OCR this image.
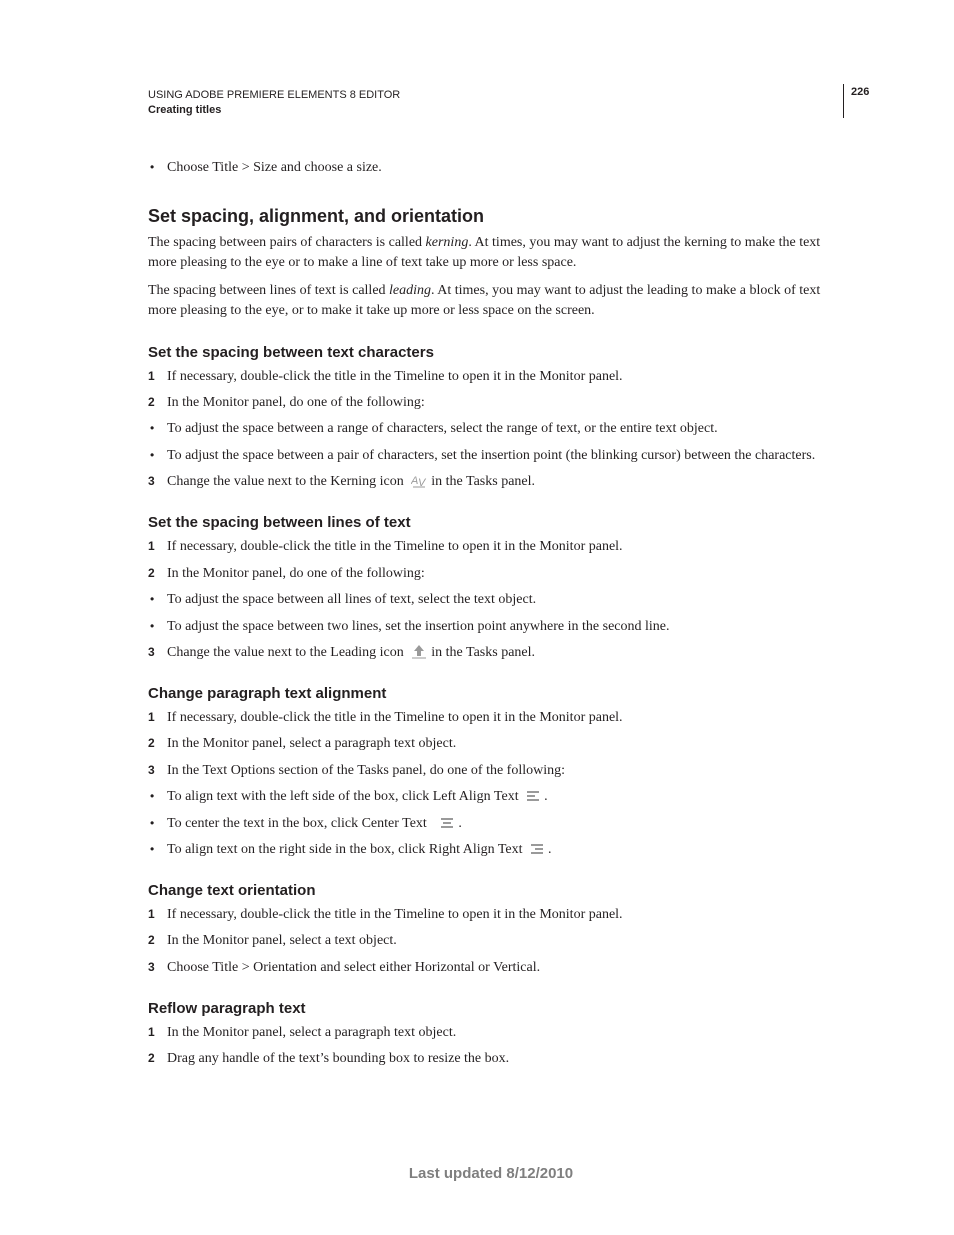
USING ADOBE PREMIERE ELEMENTS 8 EDITOR
Creating titles
226
• Choose Title > Size and choose a size.
Set spacing, alignment, and orientation
The spacing between pairs of characters is called kerning. At times, you may want to adjust the kerning to make the text more pleasing to the eye or to make a line of text take up more or less space.
The spacing between lines of text is called leading. At times, you may want to adjust the leading to make a block of text more pleasing to the eye, or to make it take up more or less space on the screen.
Set the spacing between text characters
1 If necessary, double-click the title in the Timeline to open it in the Monitor panel.
2 In the Monitor panel, do one of the following:
• To adjust the space between a range of characters, select the range of text, or the entire text object.
• To adjust the space between a pair of characters, set the insertion point (the blinking cursor) between the characters.
3 Change the value next to the Kerning icon A V in the Tasks panel.
Set the spacing between lines of text
1 If necessary, double-click the title in the Timeline to open it in the Monitor panel.
2 In the Monitor panel, do one of the following:
• To adjust the space between all lines of text, select the text object.
• To adjust the space between two lines, set the insertion point anywhere in the second line.
3 Change the value next to the Leading icon in the Tasks panel.
Change paragraph text alignment
1 If necessary, double-click the title in the Timeline to open it in the Monitor panel.
2 In the Monitor panel, select a paragraph text object.
3 In the Text Options section of the Tasks panel, do one of the following:
• To align text with the left side of the box, click Left Align Text .
• To center the text in the box, click Center Text .
• To align text on the right side in the box, click Right Align Text .
Change text orientation
1 If necessary, double-click the title in the Timeline to open it in the Monitor panel.
2 In the Monitor panel, select a text object.
3 Choose Title > Orientation and select either Horizontal or Vertical.
Reflow paragraph text
1 In the Monitor panel, select a paragraph text object.
2 Drag any handle of the text’s bounding box to resize the box.
Last updated 8/12/2010
